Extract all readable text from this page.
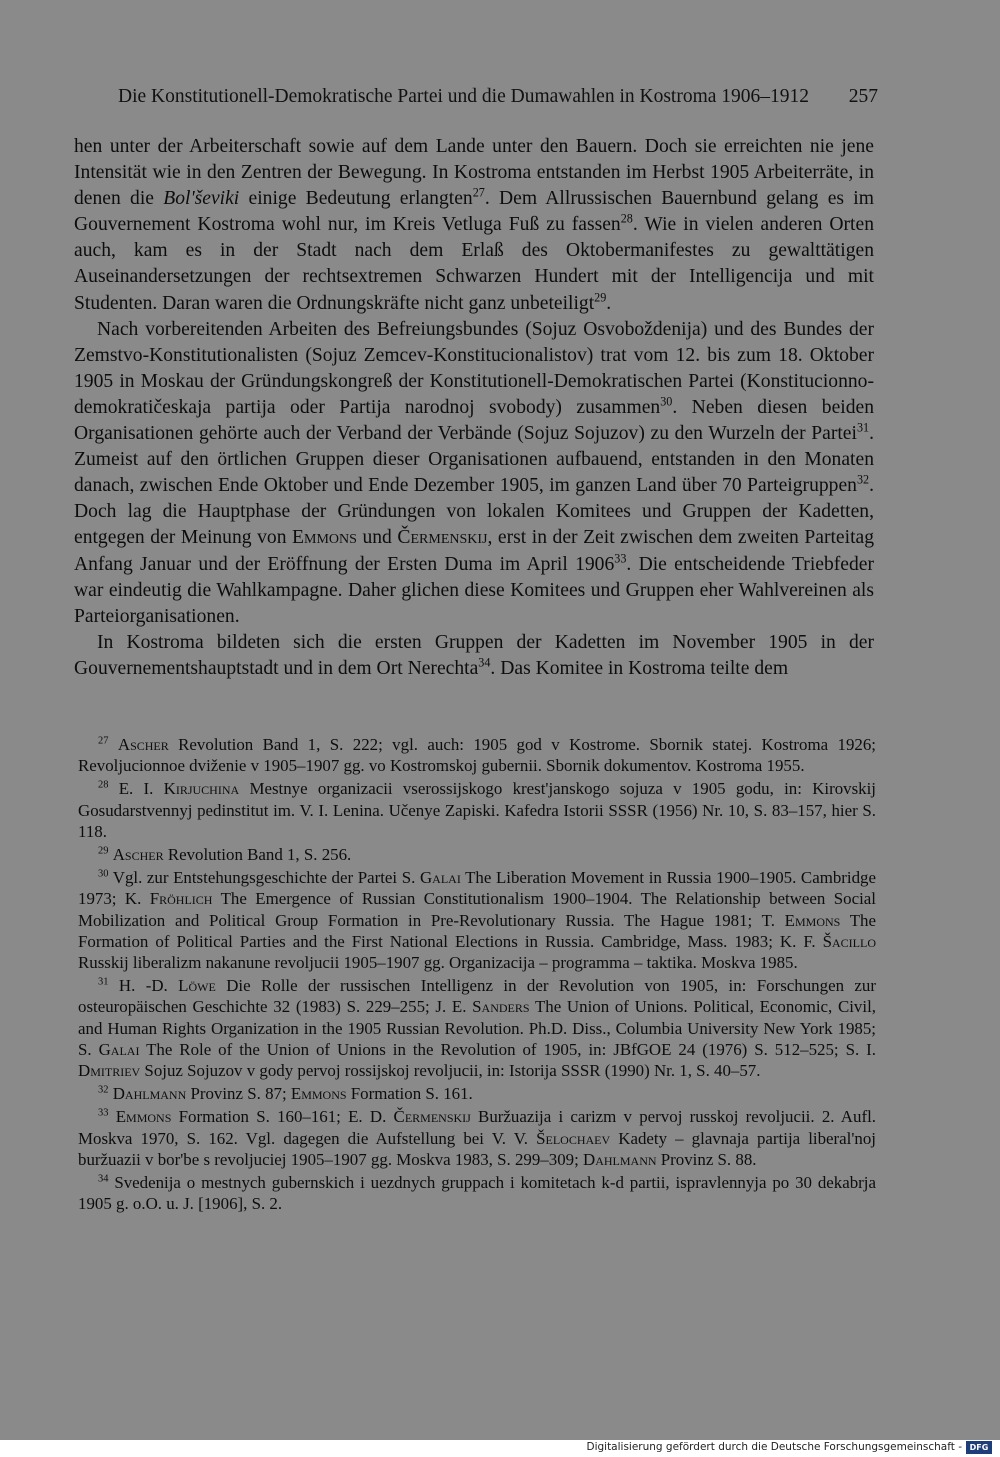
Die Konstitutionell-Demokratische Partei und die Dumawahlen in Kostroma 1906–1912 257

hen unter der Arbeiterschaft sowie auf dem Lande unter den Bauern. Doch sie erreichten nie jene Intensität wie in den Zentren der Bewegung. In Kostroma entstanden im Herbst 1905 Arbeiterräte, in denen die Bol'ševiki einige Bedeutung erlangten$^{27}$. Dem Allrussischen Bauernbund gelang es im Gouvernement Kostroma wohl nur, im Kreis Vetluga Fuß zu fassen$^{28}$. Wie in vielen anderen Orten auch, kam es in der Stadt nach dem Erlaß des Oktobermanifestes zu gewalttätigen Auseinandersetzungen der rechtsextremen Schwarzen Hundert mit der Intelligencija und mit Studenten. Daran waren die Ordnungskräfte nicht ganz unbeteiligt$^{29}$.

Nach vorbereitenden Arbeiten des Befreiungsbundes (Sojuz Osvoboždenija) und des Bundes der Zemstvo-Konstitutionalisten (Sojuz Zemcev-Konstitucionalistov) trat vom 12. bis zum 18. Oktober 1905 in Moskau der Gründungskongreß der Konstitutionell-Demokratischen Partei (Konstitucionno-demokratičeskaja partija oder Partija narodnoj svobody) zusammen$^{30}$. Neben diesen beiden Organisationen gehörte auch der Verband der Verbände (Sojuz Sojuzov) zu den Wurzeln der Partei$^{31}$. Zumeist auf den örtlichen Gruppen dieser Organisationen aufbauend, entstanden in den Monaten danach, zwischen Ende Oktober und Ende Dezember 1905, im ganzen Land über 70 Parteigruppen$^{32}$. Doch lag die Hauptphase der Gründungen von lokalen Komitees und Gruppen der Kadetten, entgegen der Meinung von Emmons und Čermenskij, erst in der Zeit zwischen dem zweiten Parteitag Anfang Januar und der Eröffnung der Ersten Duma im April 1906$^{33}$. Die entscheidende Triebfeder war eindeutig die Wahlkampagne. Daher glichen diese Komitees und Gruppen eher Wahlvereinen als Parteiorganisationen.

In Kostroma bildeten sich die ersten Gruppen der Kadetten im November 1905 in der Gouvernementshauptstadt und in dem Ort Nerechta$^{34}$. Das Komitee in Kostroma teilte dem

$^{27}$ Ascher Revolution Band 1, S. 222; vgl. auch: 1905 god v Kostrome. Sbornik statej. Kostroma 1926; Revoljucionnoe dviženie v 1905–1907 gg. vo Kostromskoj gubernii. Sbornik dokumentov. Kostroma 1955.
$^{28}$ E. I. Kirjuchina Mestnye organizacii vserossijskogo krest'janskogo sojuza v 1905 godu, in: Kirovskij Gosudarstvennyj pedinstitut im. V. I. Lenina. Učenye Zapiski. Kafedra Istorii SSSR (1956) Nr. 10, S. 83–157, hier S. 118.
$^{29}$ Ascher Revolution Band 1, S. 256.
$^{30}$ Vgl. zur Entstehungsgeschichte der Partei S. Galai The Liberation Movement in Russia 1900–1905. Cambridge 1973; K. Fröhlich The Emergence of Russian Constitutionalism 1900–1904. The Relationship between Social Mobilization and Political Group Formation in Pre-Revolutionary Russia. The Hague 1981; T. Emmons The Formation of Political Parties and the First National Elections in Russia. Cambridge, Mass. 1983; K. F. Šacillo Russkij liberalizm nakanune revoljucii 1905–1907 gg. Organizacija – programma – taktika. Moskva 1985.
$^{31}$ H. -D. Löwe Die Rolle der russischen Intelligenz in der Revolution von 1905, in: Forschungen zur osteuropäischen Geschichte 32 (1983) S. 229–255; J. E. Sanders The Union of Unions. Political, Economic, Civil, and Human Rights Organization in the 1905 Russian Revolution. Ph.D. Diss., Columbia University New York 1985; S. Galai The Role of the Union of Unions in the Revolution of 1905, in: JBfGOE 24 (1976) S. 512–525; S. I. Dmitriev Sojuz Sojuzov v gody pervoj rossijskoj revoljucii, in: Istorija SSSR (1990) Nr. 1, S. 40–57.
$^{32}$ Dahlmann Provinz S. 87; Emmons Formation S. 161.
$^{33}$ Emmons Formation S. 160–161; E. D. Čermenskij Buržuazija i carizm v pervoj russkoj revoljucii. 2. Aufl. Moskva 1970, S. 162. Vgl. dagegen die Aufstellung bei V. V. Šelochaev Kadety – glavnaja partija liberal'noj buržuazii v bor'be s revoljuciej 1905–1907 gg. Moskva 1983, S. 299–309; Dahlmann Provinz S. 88.
$^{34}$ Svedenija o mestnych gubernskich i uezdnych gruppach i komitetach k-d partii, ispravlennyja po 30 dekabrja 1905 g. o.O. u. J. [1906], S. 2.
Digitalisierung gefördert durch die Deutsche Forschungsgemeinschaft - DFG
